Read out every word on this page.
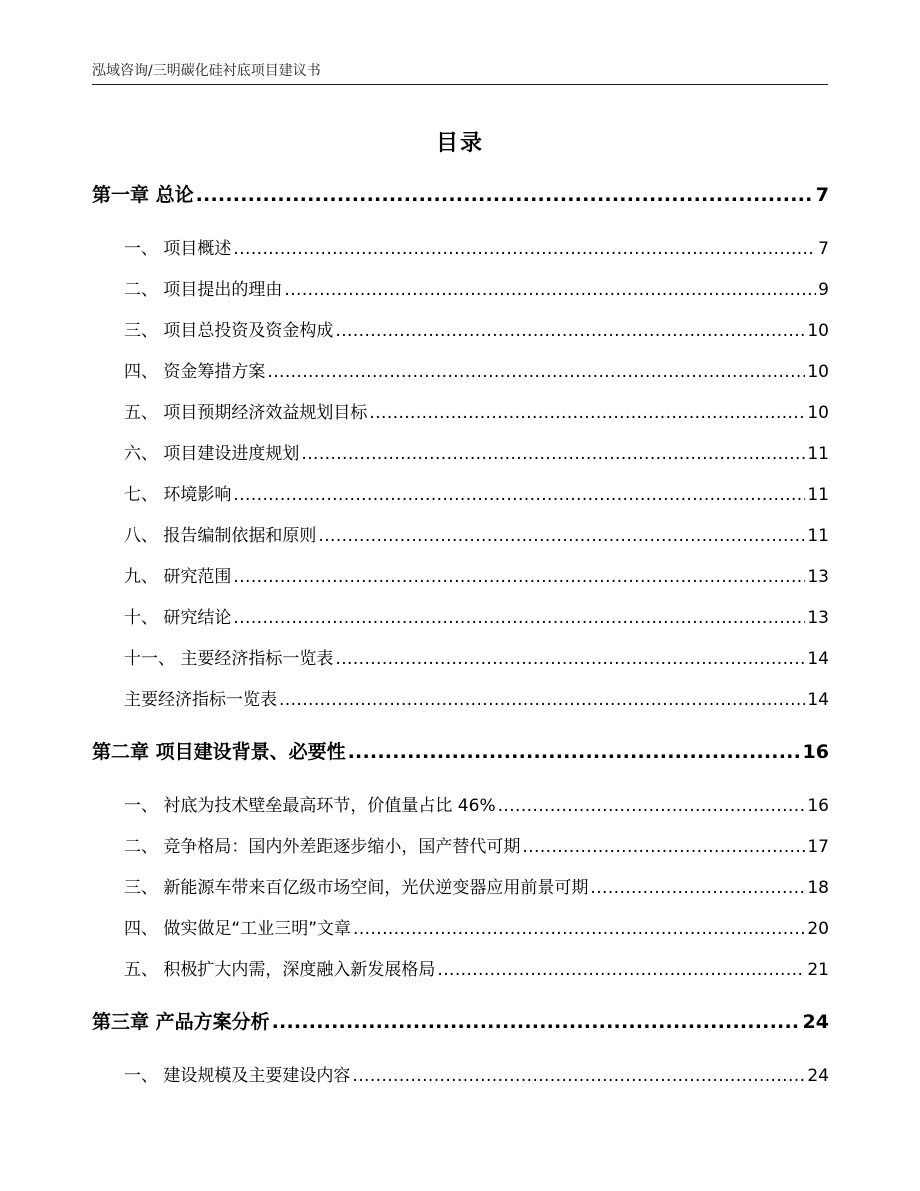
泓域咨询/三明碳化硅衬底项目建议书
目录
第一章 总论 . . .	7
一、 项目概述 . . .	7
二、 项目提出的理由 . . .	9
三、 项目总投资及资金构成 . . .	10
四、 资金筹措方案 . . .	10
五、 项目预期经济效益规划目标 . . .	10
六、 项目建设进度规划 . . .	11
七、 环境影响 . . .	11
八、 报告编制依据和原则 . . .	11
九、 研究范围 . . .	13
十、 研究结论 . . .	13
十一、 主要经济指标一览表 . . .	14
主要经济指标一览表 . . .	14
第二章 项目建设背景、必要性 . . .	16
一、 衬底为技术壁垒最高环节，价值量占比 46% . . .	16
二、 竞争格局：国内外差距逐步缩小，国产替代可期 . . .	17
三、 新能源车带来百亿级市场空间，光伏逆变器应用前景可期 . . .	18
四、 做实做足“工业三明”文章 . . .	20
五、 积极扩大内需，深度融入新发展格局 . . .	21
第三章 产品方案分析 . . .	24
一、 建设规模及主要建设内容 . . .	24
